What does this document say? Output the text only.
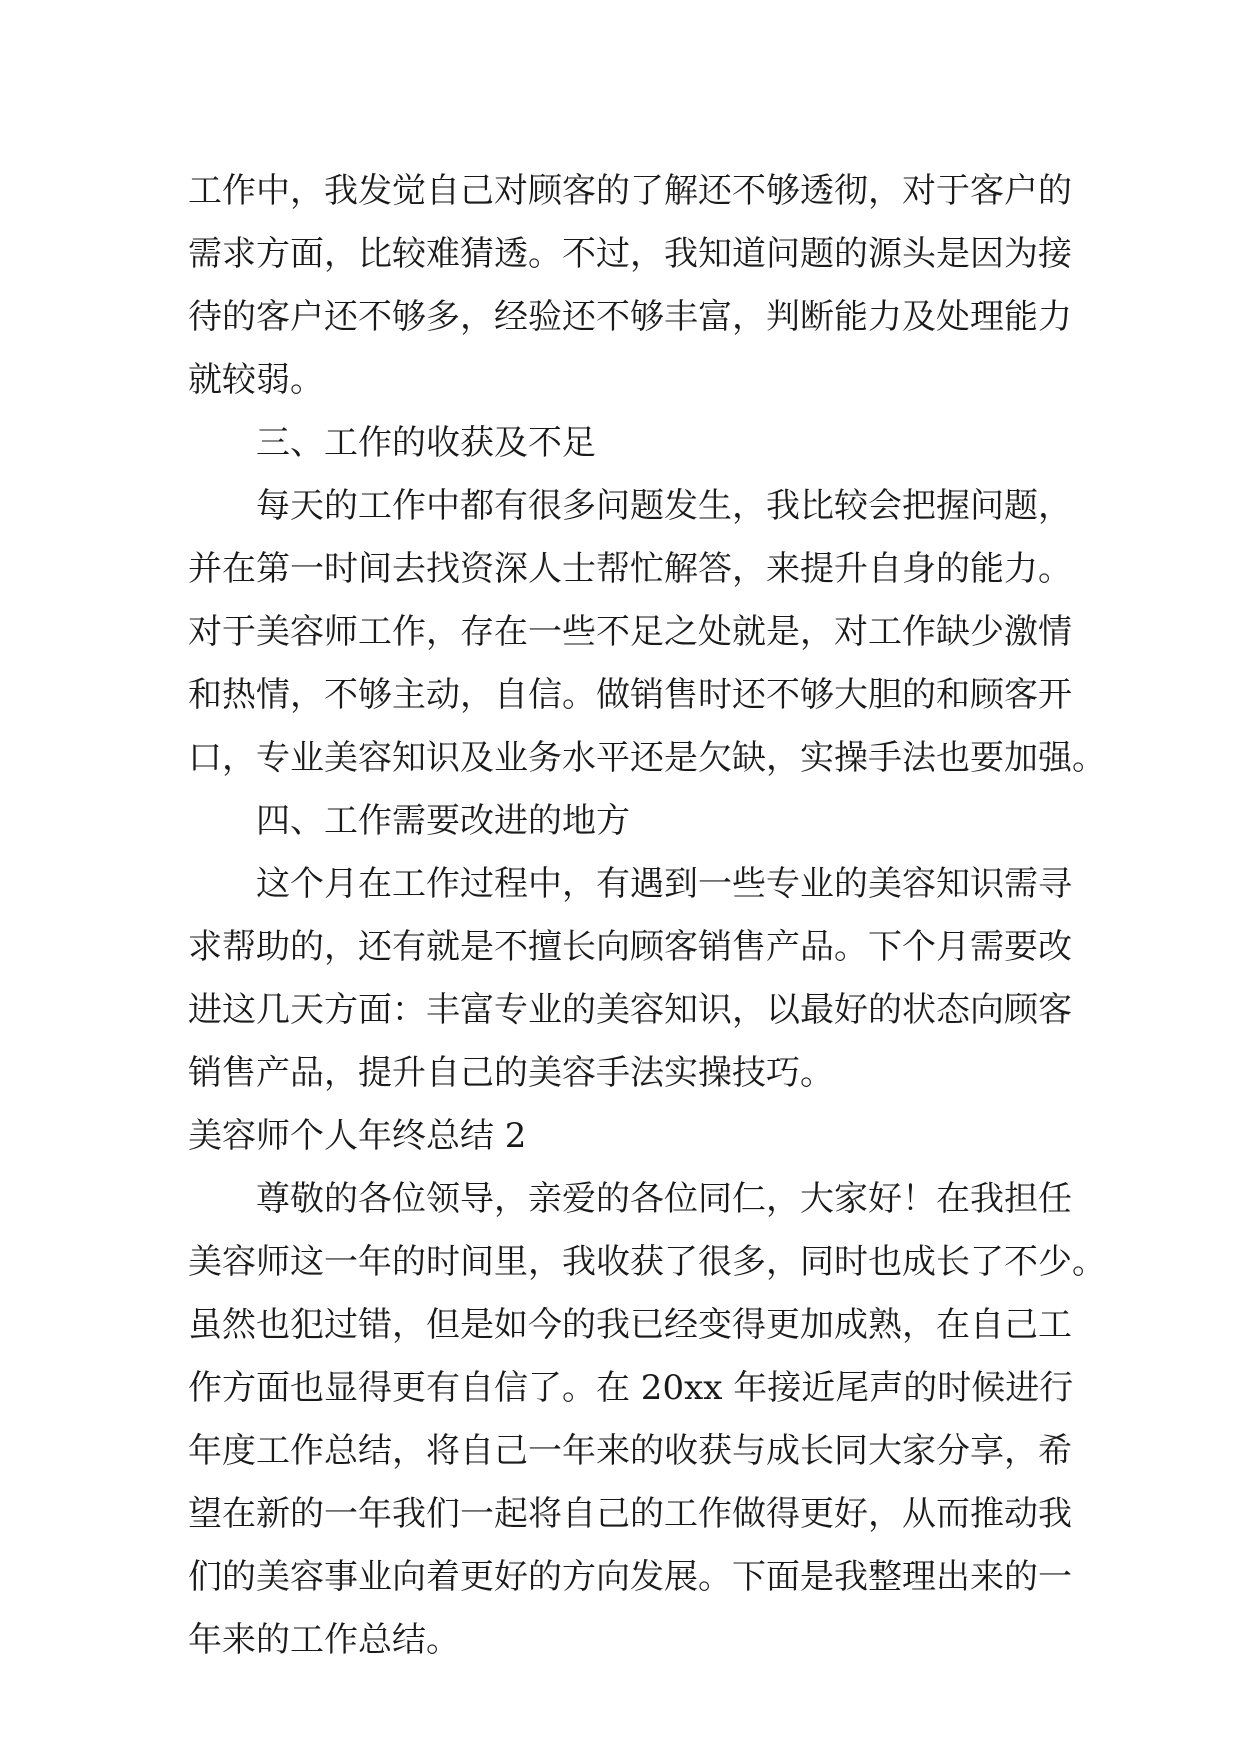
工作中，我发觉自己对顾客的了解还不够透彻，对于客户的
需求方面，比较难猜透。不过，我知道问题的源头是因为接
待的客户还不够多，经验还不够丰富，判断能力及处理能力
就较弱。
三、工作的收获及不足
每天的工作中都有很多问题发生，我比较会把握问题，
并在第一时间去找资深人士帮忙解答，来提升自身的能力。
对于美容师工作，存在一些不足之处就是，对工作缺少激情
和热情，不够主动，自信。做销售时还不够大胆的和顾客开
口，专业美容知识及业务水平还是欠缺，实操手法也要加强。
四、工作需要改进的地方
这个月在工作过程中，有遇到一些专业的美容知识需寻
求帮助的，还有就是不擅长向顾客销售产品。下个月需要改
进这几天方面：丰富专业的美容知识，以最好的状态向顾客
销售产品，提升自己的美容手法实操技巧。
美容师个人年终总结 2
尊敬的各位领导，亲爱的各位同仁，大家好！在我担任
美容师这一年的时间里，我收获了很多，同时也成长了不少。
虽然也犯过错，但是如今的我已经变得更加成熟，在自己工
作方面也显得更有自信了。在 20xx 年接近尾声的时候进行
年度工作总结，将自己一年来的收获与成长同大家分享，希
望在新的一年我们一起将自己的工作做得更好，从而推动我
们的美容事业向着更好的方向发展。下面是我整理出来的一
年来的工作总结。
